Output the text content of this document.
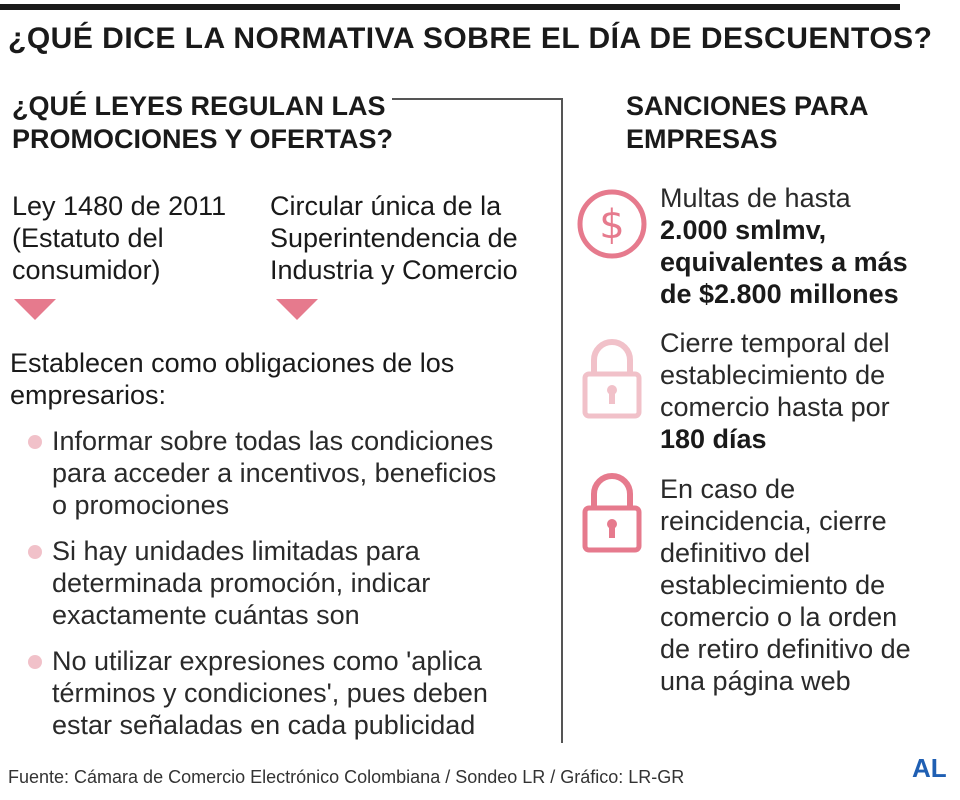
¿QUÉ DICE LA NORMATIVA SOBRE EL DÍA DE DESCUENTOS?
¿QUÉ LEYES REGULAN LAS
PROMOCIONES Y OFERTAS?
Ley 1480 de 2011
(Estatuto del
consumidor)
Circular única de la
Superintendencia de
Industria y Comercio
Establecen como obligaciones de los
empresarios:
Informar sobre todas las condiciones
para acceder a incentivos, beneficios
o promociones
Si hay unidades limitadas para
determinada promoción, indicar
exactamente cuántas son
No utilizar expresiones como 'aplica
términos y condiciones', pues deben
estar señaladas en cada publicidad
SANCIONES PARA
EMPRESAS
$
Multas de hasta
2.000 smlmv,
equivalentes a más
de $2.800 millones
Cierre temporal del
establecimiento de
comercio hasta por
180 días
En caso de
reincidencia, cierre
definitivo del
establecimiento de
comercio o la orden
de retiro definitivo de
una página web
Fuente: Cámara de Comercio Electrónico Colombiana / Sondeo LR / Gráfico: LR-GR	AL
